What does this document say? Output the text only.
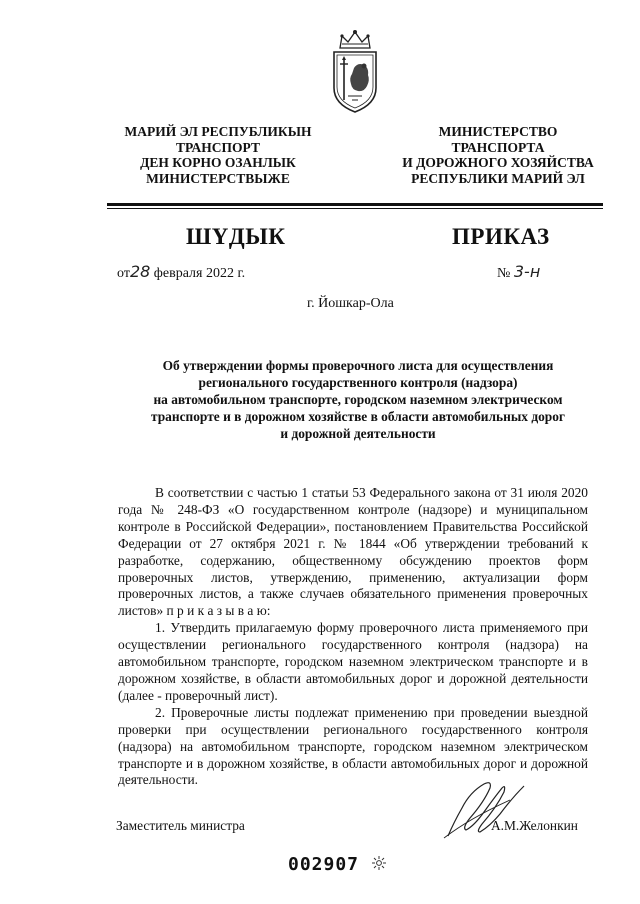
МАРИЙ ЭЛ РЕСПУБЛИКЫН
ТРАНСПОРТ
ДЕН КОРНО ОЗАНЛЫК
МИНИСТЕРСТВЫЖЕ
МИНИСТЕРСТВО
ТРАНСПОРТА
И ДОРОЖНОГО ХОЗЯЙСТВА
РЕСПУБЛИКИ МАРИЙ ЭЛ
ШҮДЫК	ПРИКАЗ
от28 февраля 2022 г.	№ 3-н
г. Йошкар-Ола
Об утверждении формы проверочного листа для осуществления
регионального государственного контроля (надзора)
на автомобильном транспорте, городском наземном электрическом
транспорте и в дорожном хозяйстве в области автомобильных дорог
и дорожной деятельности

В соответствии с частью 1 статьи 53 Федерального закона от 31 июля 2020 года № 248-ФЗ «О государственном контроле (надзоре) и муниципальном контроле в Российской Федерации», постановлением Правительства Российской Федерации от 27 октября 2021 г. № 1844 «Об утверждении требований к разработке, содержанию, общественному обсуждению проектов форм проверочных листов, утверждению, применению, актуализации форм проверочных листов, а также случаев обязательного применения проверочных листов» п р и к а з ы в а ю:

1. Утвердить прилагаемую форму проверочного листа применяемого при осуществлении регионального государственного контроля (надзора) на автомобильном транспорте, городском наземном электрическом транспорте и в дорожном хозяйстве, в области автомобильных дорог и дорожной деятельности (далее - проверочный лист).

2. Проверочные листы подлежат применению при проведении выездной проверки при осуществлении регионального государственного контроля (надзора) на автомобильном транспорте, городском наземном электрическом транспорте и в дорожном хозяйстве, в области автомобильных дорог и дорожной деятельности.

Заместитель министра	А.М.Желонкин
002907
